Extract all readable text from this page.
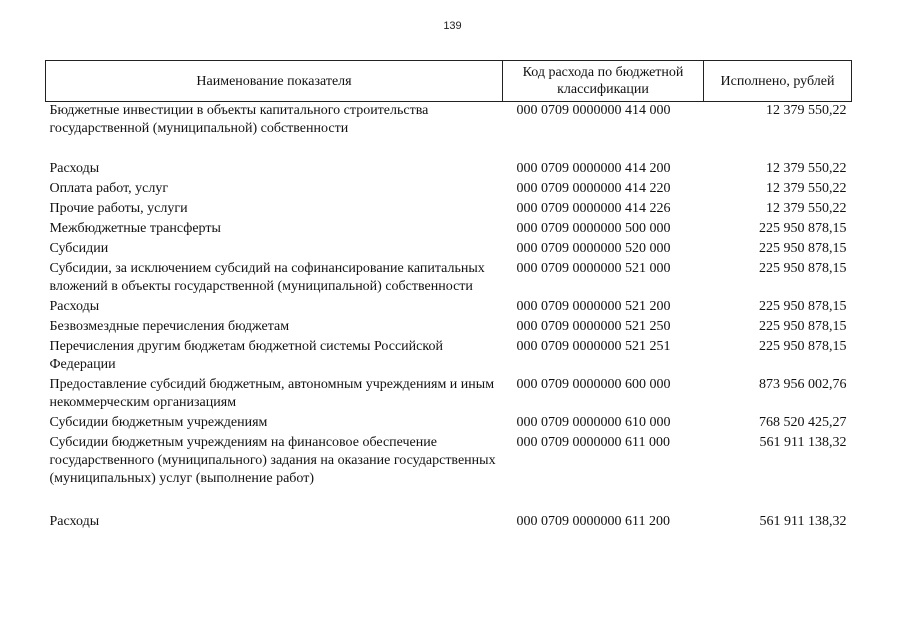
139
Наименование показателя	Код расхода по бюджетной классификации	Исполнено, рублей
Бюджетные инвестиции в объекты капитального строительства государственной (муниципальной) собственности	000 0709 0000000 414 000	12 379 550,22

Расходы	000 0709 0000000 414 200	12 379 550,22
Оплата работ, услуг	000 0709 0000000 414 220	12 379 550,22
Прочие работы, услуги	000 0709 0000000 414 226	12 379 550,22
Межбюджетные трансферты	000 0709 0000000 500 000	225 950 878,15
Субсидии	000 0709 0000000 520 000	225 950 878,15
Субсидии, за исключением субсидий на софинансирование капитальных вложений в объекты государственной (муниципальной) собственности	000 0709 0000000 521 000	225 950 878,15
Расходы	000 0709 0000000 521 200	225 950 878,15
Безвозмездные перечисления бюджетам	000 0709 0000000 521 250	225 950 878,15
Перечисления другим бюджетам бюджетной системы Российской Федерации	000 0709 0000000 521 251	225 950 878,15
Предоставление субсидий бюджетным, автономным учреждениям и иным некоммерческим организациям	000 0709 0000000 600 000	873 956 002,76
Субсидии бюджетным учреждениям	000 0709 0000000 610 000	768 520 425,27
Субсидии бюджетным учреждениям на финансовое обеспечение государственного (муниципального) задания на оказание государственных (муниципальных) услуг (выполнение работ)	000 0709 0000000 611 000	561 911 138,32

Расходы	000 0709 0000000 611 200	561 911 138,32
